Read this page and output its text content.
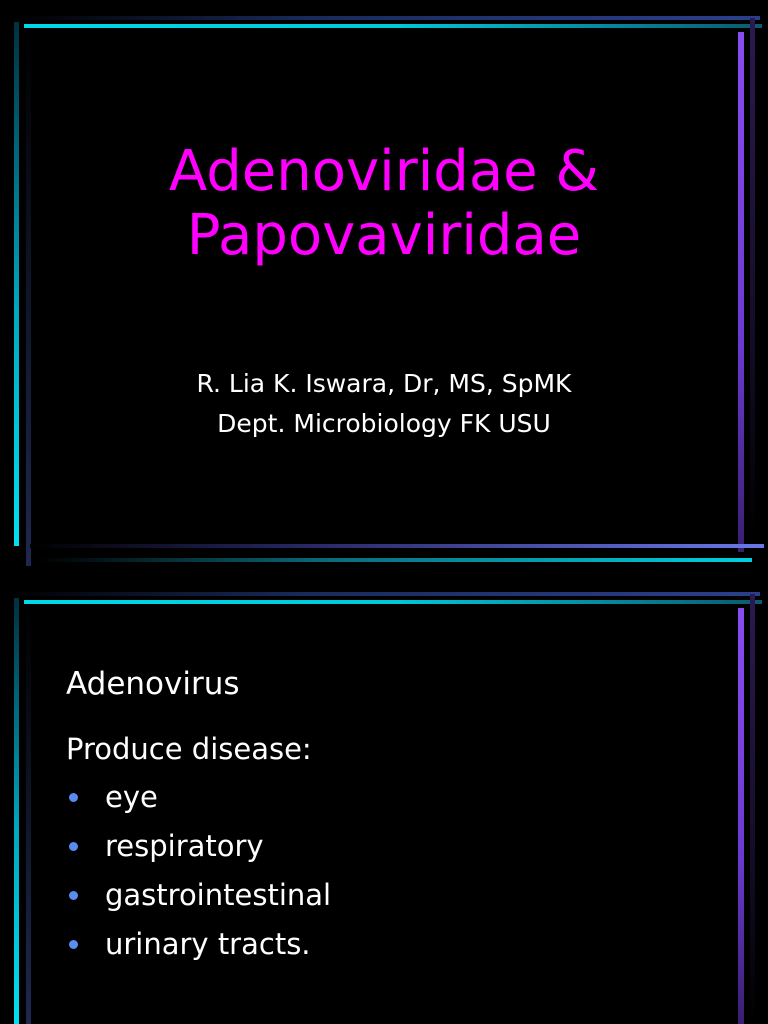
Adenoviridae &
Papovaviridae
R. Lia K. Iswara, Dr, MS, SpMK
Dept. Microbiology FK USU
Adenovirus
Produce disease:
eye
respiratory
gastrointestinal
urinary tracts.
